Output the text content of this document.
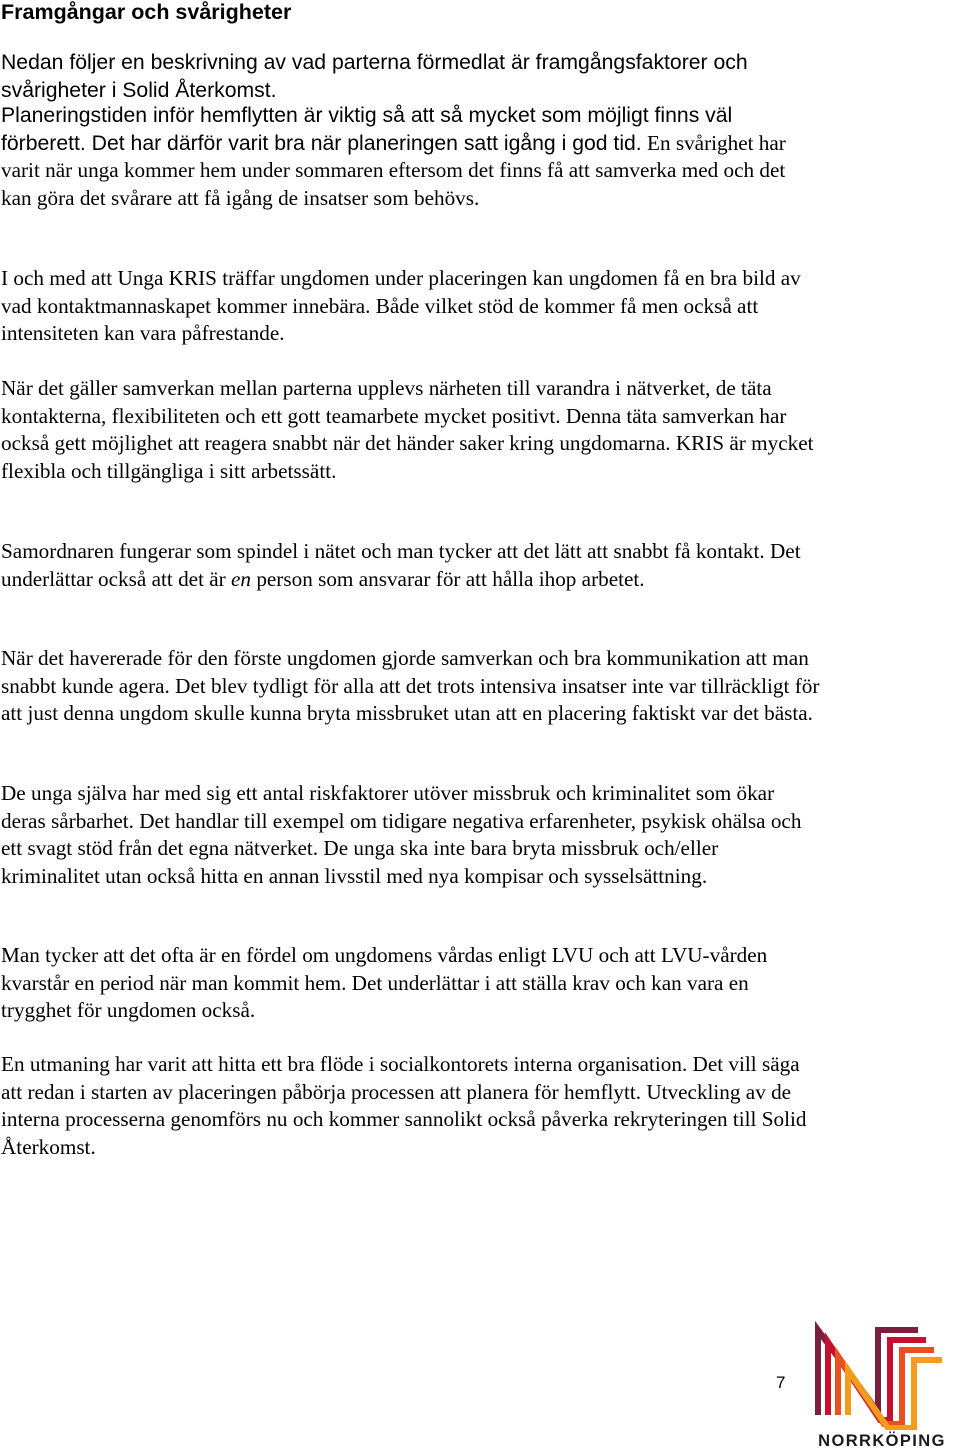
Framgångar och svårigheter

Nedan följer en beskrivning av vad parterna förmedlat är framgångsfaktorer och svårigheter i Solid Återkomst.

Planeringstiden inför hemflytten är viktig så att så mycket som möjligt finns väl förberett. Det har därför varit bra när planeringen satt igång i god tid. En svårighet har varit när unga kommer hem under sommaren eftersom det finns få att samverka med och det kan göra det svårare att få igång de insatser som behövs.

I och med att Unga KRIS träffar ungdomen under placeringen kan ungdomen få en bra bild av vad kontaktmannaskapet kommer innebära. Både vilket stöd de kommer få men också att intensiteten kan vara påfrestande.

När det gäller samverkan mellan parterna upplevs närheten till varandra i nätverket, de täta kontakterna, flexibiliteten och ett gott teamarbete mycket positivt. Denna täta samverkan har också gett möjlighet att reagera snabbt när det händer saker kring ungdomarna. KRIS är mycket flexibla och tillgängliga i sitt arbetssätt.

Samordnaren fungerar som spindel i nätet och man tycker att det lätt att snabbt få kontakt. Det underlättar också att det är en person som ansvarar för att hålla ihop arbetet.

När det havererade för den förste ungdomen gjorde samverkan och bra kommunikation att man snabbt kunde agera. Det blev tydligt för alla att det trots intensiva insatser inte var tillräckligt för att just denna ungdom skulle kunna bryta missbruket utan att en placering faktiskt var det bästa.

De unga själva har med sig ett antal riskfaktorer utöver missbruk och kriminalitet som ökar deras sårbarhet. Det handlar till exempel om tidigare negativa erfarenheter, psykisk ohälsa och ett svagt stöd från det egna nätverket. De unga ska inte bara bryta missbruk och/eller kriminalitet utan också hitta en annan livsstil med nya kompisar och sysselsättning.

Man tycker att det ofta är en fördel om ungdomens vårdas enligt LVU och att LVU-vården kvarstår en period när man kommit hem. Det underlättar i att ställa krav och kan vara en trygghet för ungdomen också.

En utmaning har varit att hitta ett bra flöde i socialkontorets interna organisation. Det vill säga att redan i starten av placeringen påbörja processen att planera för hemflytt. Utveckling av de interna processerna genomförs nu och kommer sannolikt också påverka rekryteringen till Solid Återkomst.

7
NORRKÖPING
